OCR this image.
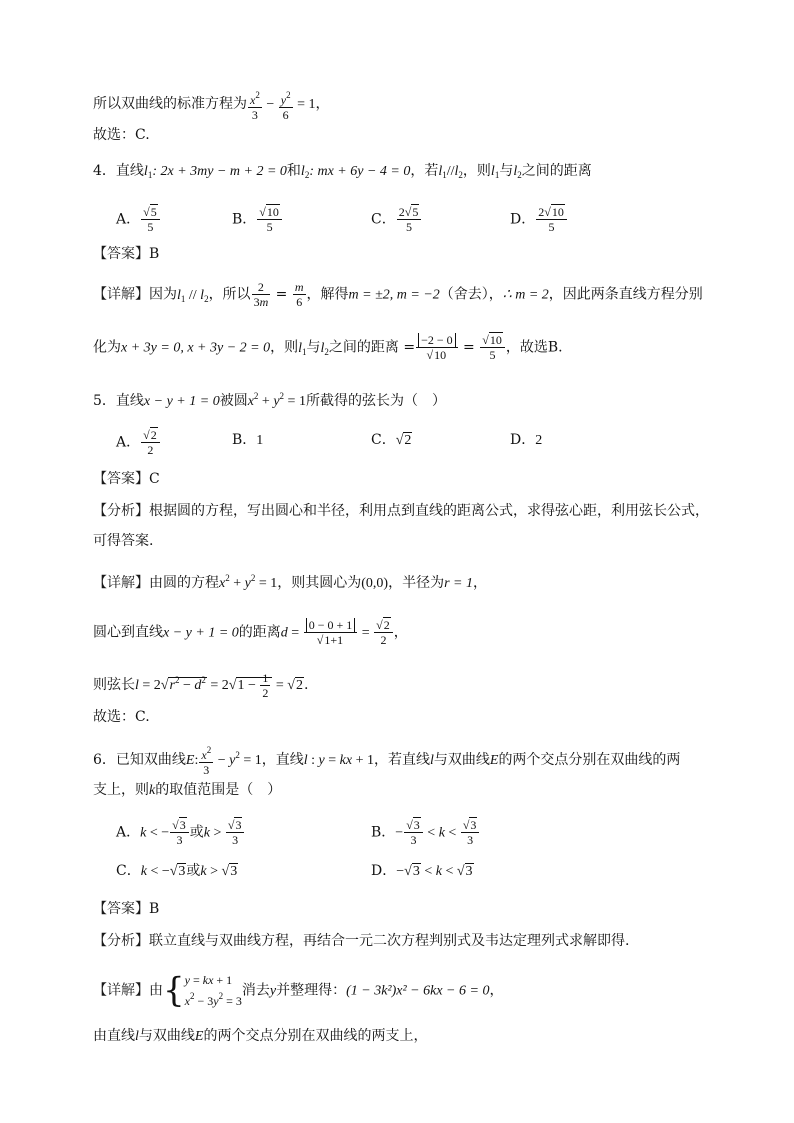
所以双曲线的标准方程为 $\frac{x^2}{3} - \frac{y^2}{6} = 1$，
故选：C.
4．直线$l_1$: 2x + 3my − m + 2 = 0和$l_2$: mx + 6y − 4 = 0，若$l_1//l_2$，则$l_1$与$l_2$之间的距离
A． $\frac{√5}{5}$	B． $\frac{√10}{5}$	C． $\frac{2√5}{5}$	D． $\frac{2√10}{5}$
【答案】B
【详解】因为$l_1 // l_2$，所以 $\frac{2}{3m} = \frac{m}{6}$ ，解得m = ±2, m = −2（舍去），∴ m = 2，因此两条直线方程分别
化为x + 3y = 0, x + 3y − 2 = 0，则$l_1$与$l_2$之间的距离 = $\frac{-2 - 0}{√10} = \frac{√10}{5}$ ，故选B.
5．直线x − y + 1 = 0被圆$x^2 + y^2 = 1$所截得的弦长为（　）
A． $\frac{√2}{2}$	B．1	C．√2	D．2
【答案】C
【分析】根据圆的方程，写出圆心和半径，利用点到直线的距离公式，求得弦心距，利用弦长公式，
可得答案.
【详解】由圆的方程$x^2 + y^2 = 1$，则其圆心为(0,0)，半径为r = 1，
圆心到直线x − y + 1 = 0的距离$d = \frac{0 - 0 + 1}{√1+1} = \frac{√2}{2}$ ，
则弦长$l = 2√r^2 - d^2 = 2√1 - \frac{1}{2} = √2$.
故选：C.
6．已知双曲线E: $\frac{x^2}{3} - y^2 = 1$，直线l : y = kx + 1，若直线l与双曲线E的两个交点分别在双曲线的两
支上，则k的取值范围是（　）
A．k < − $\frac{√3}{3}$ 或$k > \frac{√3}{3}$	B．− $\frac{√3}{3} < k < \frac{√3}{3}$
C．k < −√3或k > √3	D．−√3 < k < √3
【答案】B
【分析】联立直线与双曲线方程，再结合一元二次方程判别式及韦达定理列式求解即得.
【详解】由{ y = kx + 1
$x^2 - 3y^2 = 3$
消去y并整理得：(1 − 3k²)x² − 6kx − 6 = 0，
由直线l与双曲线E的两个交点分别在双曲线的两支上，
